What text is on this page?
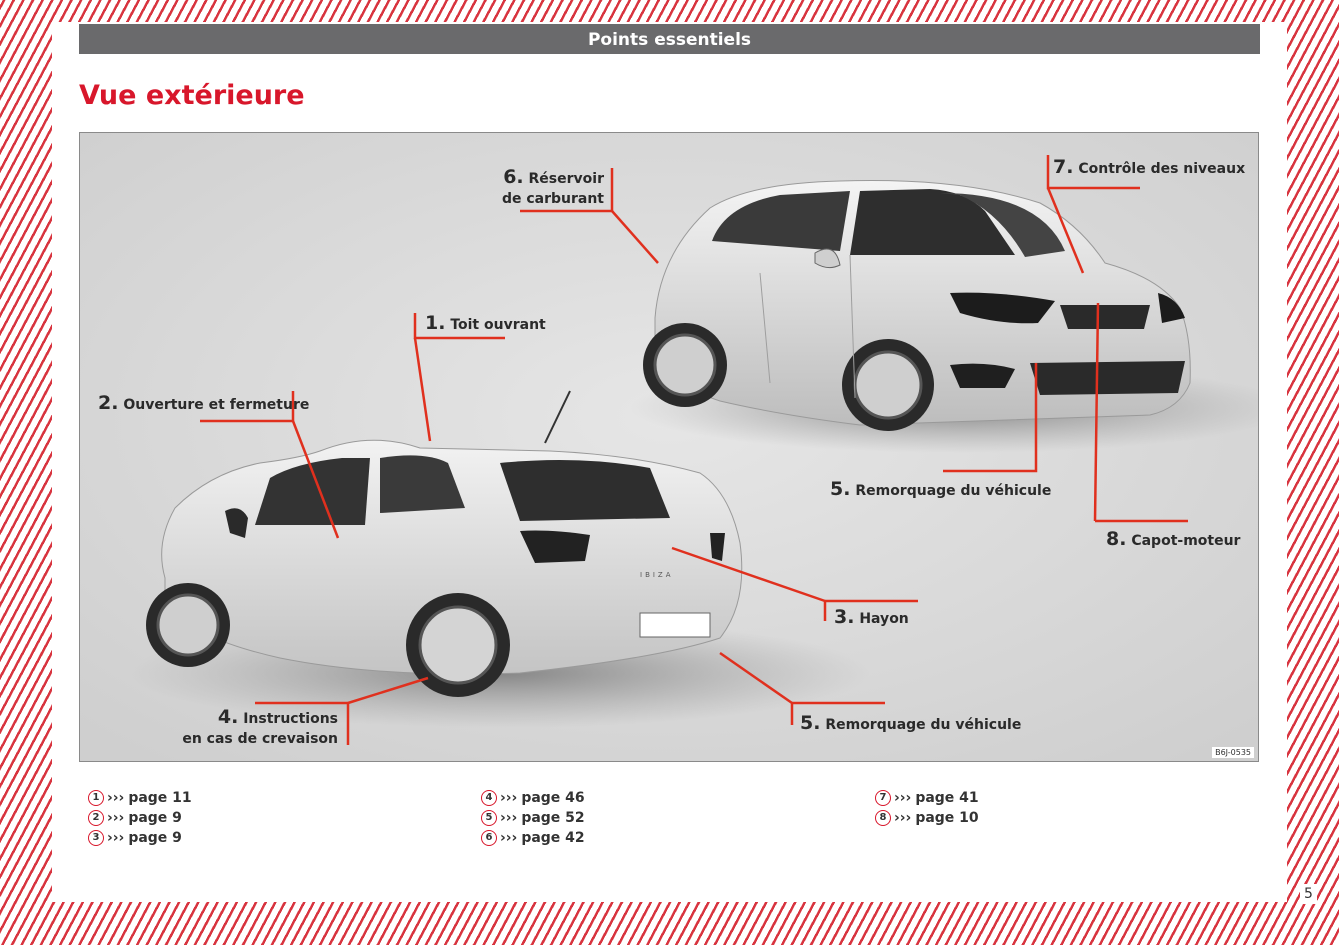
Points essentiels
Vue extérieure
IBIZA
1. Toit ouvrant
2. Ouverture et fermeture
3. Hayon
4. Instructions
en cas de crevaison
5. Remorquage du véhicule
5. Remorquage du véhicule
6. Réservoir
de carburant
7. Contrôle des niveaux
8. Capot-moteur
B6J-0535
1 ››› page 11
2 ››› page 9
3 ››› page 9
4 ››› page 46
5 ››› page 52
6 ››› page 42
7 ››› page 41
8 ››› page 10
5
